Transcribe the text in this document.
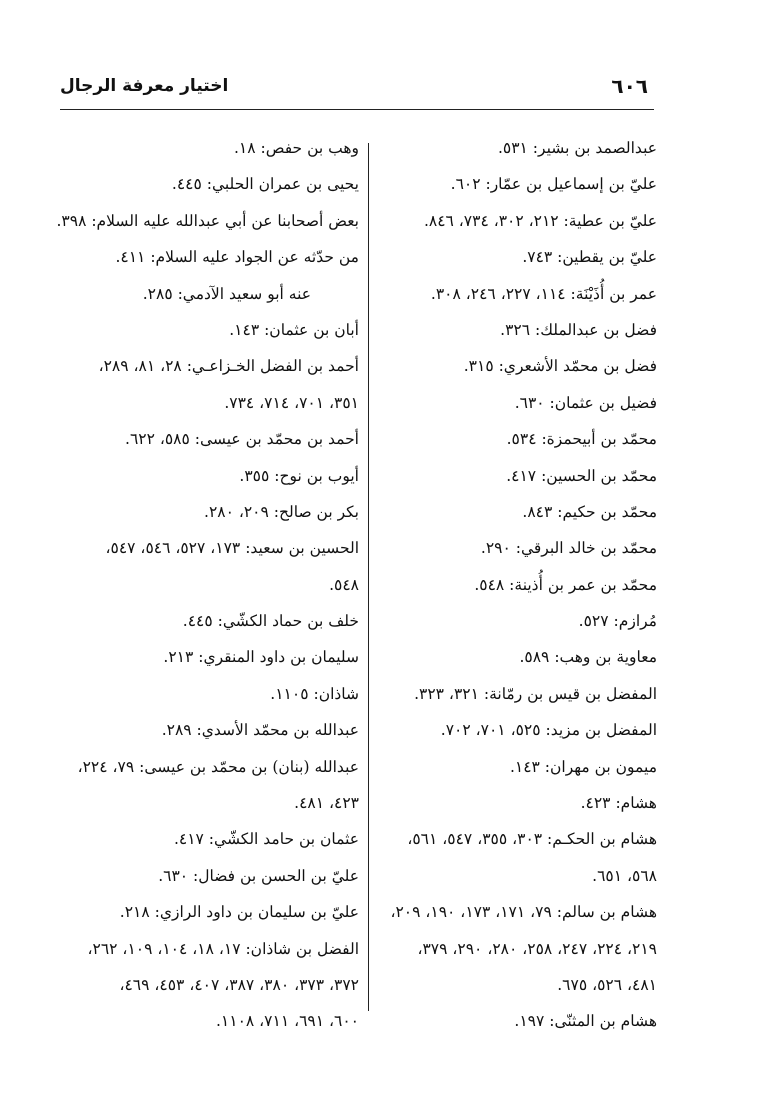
٦٠٦
اختيار معرفة الرجال
عبدالصمد بن بشير: ٥٣١.
عليّ بن إسماعيل بن عمّار: ٦٠٢.
عليّ بن عطية: ٢١٢، ٣٠٢، ٧٣٤، ٨٤٦.
عليّ بن يقطين: ٧٤٣.
عمر بن أُذَيْنَة: ١١٤، ٢٢٧، ٢٤٦، ٣٠٨.
فضل بن عبدالملك: ٣٢٦.
فضل بن محمّد الأشعري: ٣١٥.
فضيل بن عثمان: ٦٣٠.
محمّد بن أبيحمزة: ٥٣٤.
محمّد بن الحسين: ٤١٧.
محمّد بن حكيم: ٨٤٣.
محمّد بن خالد البرقي: ٢٩٠.
محمّد بن عمر بن أُذينة: ٥٤٨.
مُرازم: ٥٢٧.
معاوية بن وهب: ٥٨٩.
المفضل بن قيس بن رمّانة: ٣٢١، ٣٢٣.
المفضل بن مزيد: ٥٢٥، ٧٠١، ٧٠٢.
ميمون بن مهران: ١٤٣.
هشام: ٤٢٣.
هشام بن الحكـم: ٣٠٣، ٣٥٥، ٥٤٧، ٥٦١،
٥٦٨، ٦٥١.
هشام بن سالم: ٧٩، ١٧١، ١٧٣، ١٩٠، ٢٠٩،
٢١٩، ٢٢٤، ٢٤٧، ٢٥٨، ٢٨٠، ٢٩٠، ٣٧٩،
٤٨١، ٥٢٦، ٦٧٥.
هشام بن المثنّى: ١٩٧.
وهب بن حفص: ١٨.
يحيى بن عمران الحلبي: ٤٤٥.
بعض أصحابنا عن أبي عبدالله عليه السلام: ٣٩٨.
من حدّثه عن الجواد عليه السلام: ٤١١.
عنه أبو سعيد الآدمي: ٢٨٥.
أبان بن عثمان: ١٤٣.
أحمد بن الفضل الخـزاعـي: ٢٨، ٨١، ٢٨٩،
٣٥١، ٧٠١، ٧١٤، ٧٣٤.
أحمد بن محمّد بن عيسى: ٥٨٥، ٦٢٢.
أيوب بن نوح: ٣٥٥.
بكر بن صالح: ٢٠٩، ٢٨٠.
الحسين بن سعيد: ١٧٣، ٥٢٧، ٥٤٦، ٥٤٧،
٥٤٨.
خلف بن حماد الكشّي: ٤٤٥.
سليمان بن داود المنقري: ٢١٣.
شاذان: ١١٠٥.
عبدالله بن محمّد الأسدي: ٢٨٩.
عبدالله (بنان) بن محمّد بن عيسى: ٧٩، ٢٢٤،
٤٢٣، ٤٨١.
عثمان بن حامد الكشّي: ٤١٧.
عليّ بن الحسن بن فضال: ٦٣٠.
عليّ بن سليمان بن داود الرازي: ٢١٨.
الفضل بن شاذان: ١٧، ١٨، ١٠٤، ١٠٩، ٢٦٢،
٣٧٢، ٣٧٣، ٣٨٠، ٣٨٧، ٤٠٧، ٤٥٣، ٤٦٩،
٦٠٠، ٦٩١، ٧١١، ١١٠٨.
